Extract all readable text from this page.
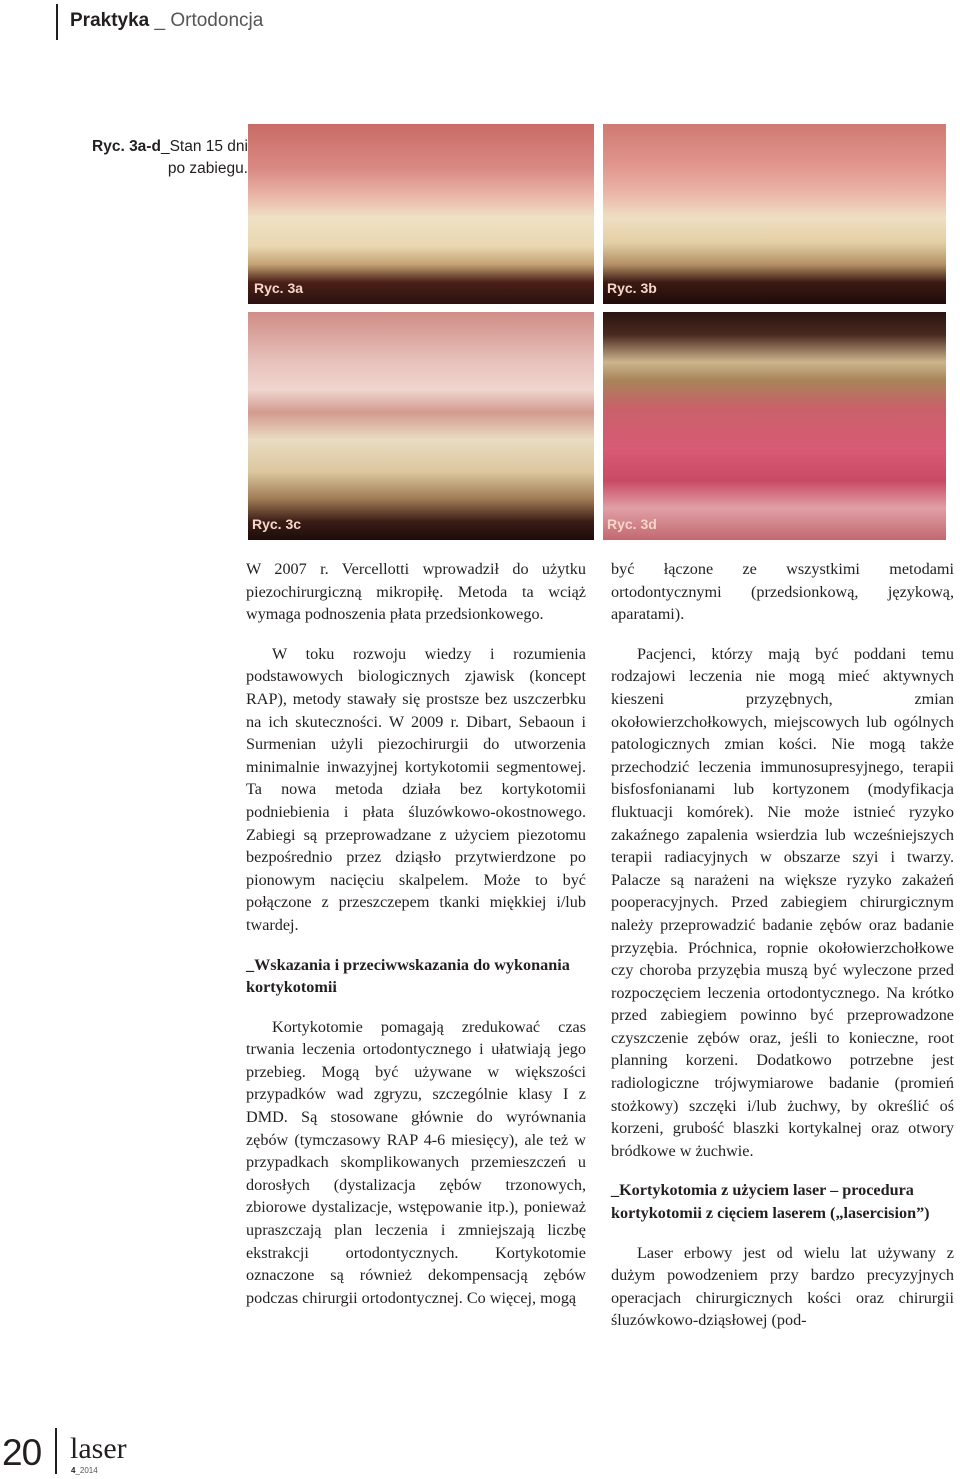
Praktyka _ Ortodoncja
Ryc. 3a-d_Stan 15 dni
po zabiegu.
Ryc. 3a	Ryc. 3b
Ryc. 3c	Ryc. 3d

W 2007 r. Vercellotti wprowadził do użytku piezochirurgiczną mikropiłę. Metoda ta wciąż wymaga podnoszenia płata przedsionkowego.

W toku rozwoju wiedzy i rozumienia podstawowych biologicznych zjawisk (koncept RAP), metody stawały się prostsze bez uszczerbku na ich skuteczności. W 2009 r. Dibart, Sebaoun i Surmenian użyli piezochirurgii do utworzenia minimalnie inwazyjnej kortykotomii segmentowej. Ta nowa metoda działa bez kortykotomii podniebienia i płata śluzówkowo-okostnowego. Zabiegi są przeprowadzane z użyciem piezotomu bezpośrednio przez dziąsło przytwierdzone po pionowym nacięciu skalpelem. Może to być połączone z przeszczepem tkanki miękkiej i/lub twardej.

_Wskazania i przeciwwskazania do wykonania kortykotomii

Kortykotomie pomagają zredukować czas trwania leczenia ortodontycznego i ułatwiają jego przebieg. Mogą być używane w większości przypadków wad zgryzu, szczególnie klasy I z DMD. Są stosowane głównie do wyrównania zębów (tymczasowy RAP 4-6 miesięcy), ale też w przypadkach skomplikowanych przemieszczeń u dorosłych (dystalizacja zębów trzonowych, zbiorowe dystalizacje, wstępowanie itp.), ponieważ upraszczają plan leczenia i zmniejszają liczbę ekstrakcji ortodontycznych. Kortykotomie oznaczone są również dekompensacją zębów podczas chirurgii ortodontycznej. Co więcej, mogą

być łączone ze wszystkimi metodami ortodontycznymi (przedsionkową, językową, aparatami).

Pacjenci, którzy mają być poddani temu rodzajowi leczenia nie mogą mieć aktywnych kieszeni przyzębnych, zmian okołowierzchołkowych, miejscowych lub ogólnych patologicznych zmian kości. Nie mogą także przechodzić leczenia immunosupresyjnego, terapii bisfosfonianami lub kortyzonem (modyfikacja fluktuacji komórek). Nie może istnieć ryzyko zakaźnego zapalenia wsierdzia lub wcześniejszych terapii radiacyjnych w obszarze szyi i twarzy. Palacze są narażeni na większe ryzyko zakażeń pooperacyjnych. Przed zabiegiem chirurgicznym należy przeprowadzić badanie zębów oraz badanie przyzębia. Próchnica, ropnie okołowierzchołkowe czy choroba przyzębia muszą być wyleczone przed rozpoczęciem leczenia ortodontycznego. Na krótko przed zabiegiem powinno być przeprowadzone czyszczenie zębów oraz, jeśli to konieczne, root planning korzeni. Dodatkowo potrzebne jest radiologiczne trójwymiarowe badanie (promień stożkowy) szczęki i/lub żuchwy, by określić oś korzeni, grubość blaszki kortykalnej oraz otwory bródkowe w żuchwie.

_Kortykotomia z użyciem laser – procedura kortykotomii z cięciem laserem („lasercision”)

Laser erbowy jest od wielu lat używany z dużym powodzeniem przy bardzo precyzyjnych operacjach chirurgicznych kości oraz chirurgii śluzówkowo-dziąsłowej (pod-

20 laser
4_2014
